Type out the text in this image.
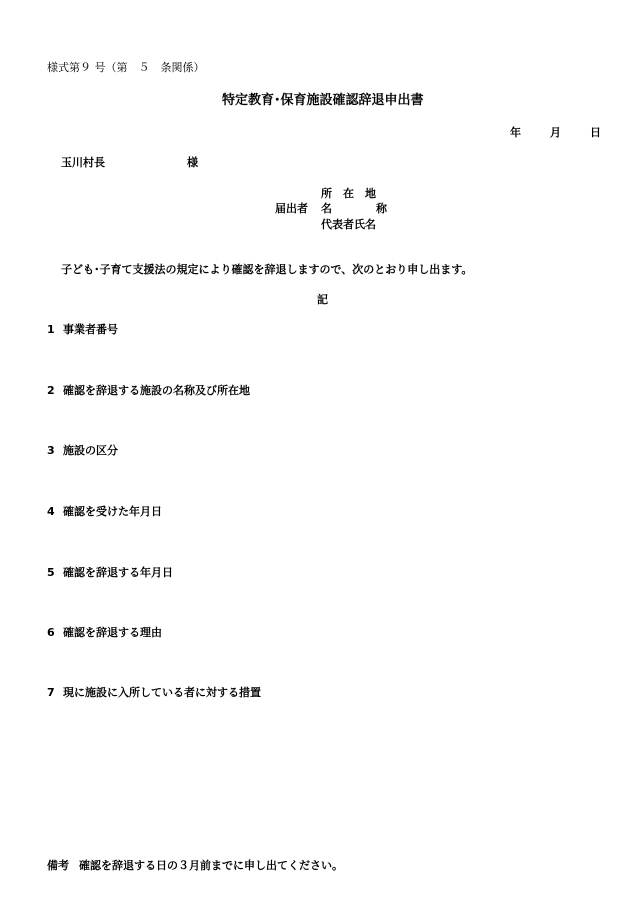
様式第９ 号（第　５　条関係）
特定教育･保育施設確認辞退申出書
年	月	日
玉川村長	様
所　在　地
届出者 名　　　　称
代表者氏名
子ども･子育て支援法の規定により確認を辞退しますので、次のとおり申し出ます。
記
1 事業者番号
2 確認を辞退する施設の名称及び所在地
3 施設の区分
4 確認を受けた年月日
5 確認を辞退する年月日
6 確認を辞退する理由
7 現に施設に入所している者に対する措置
備考 確認を辞退する日の３月前までに申し出てください。
